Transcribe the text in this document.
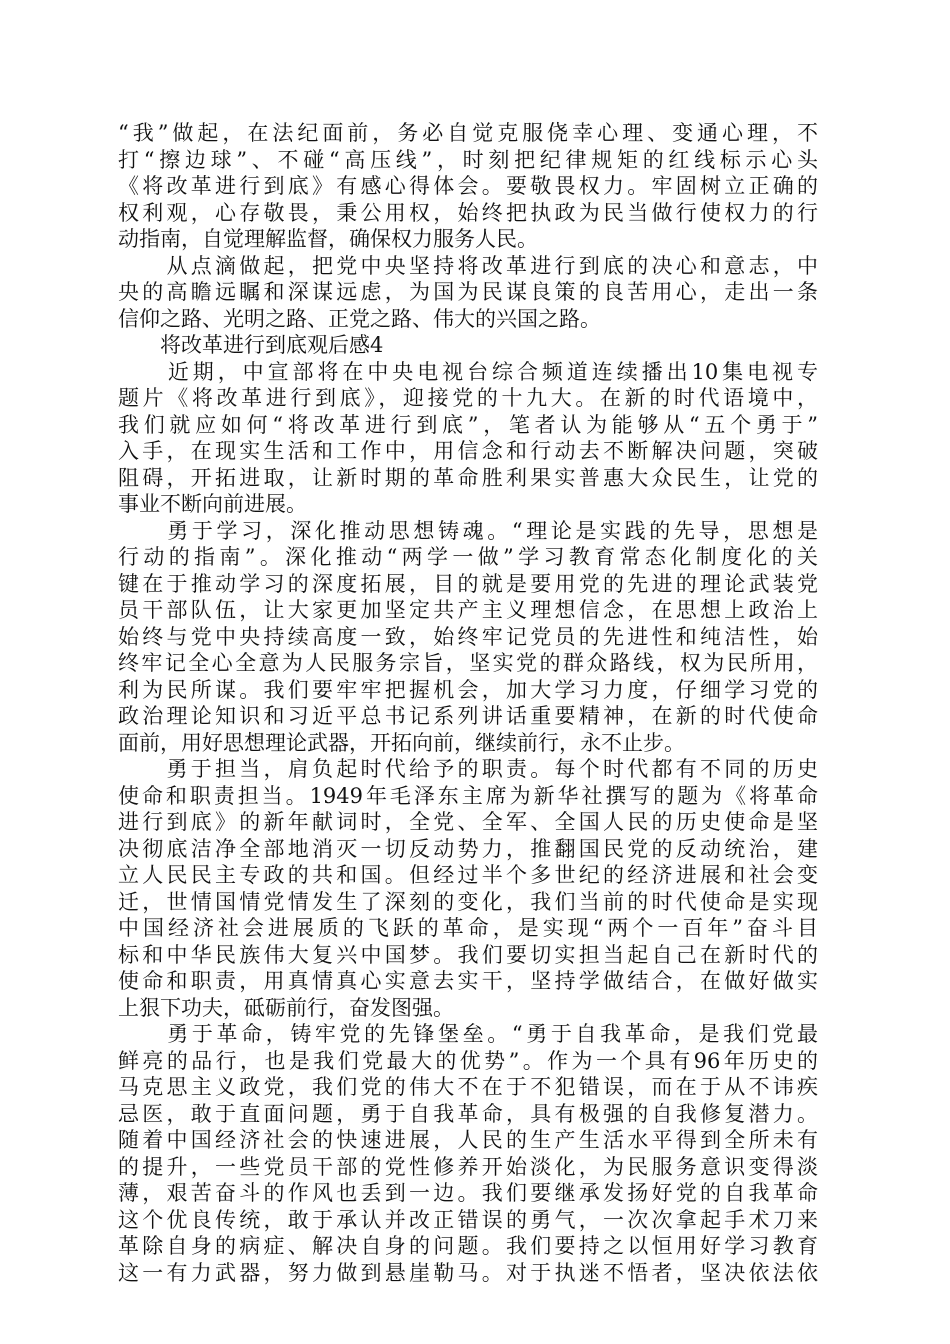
“我”做起，在法纪面前，务必自觉克服侥幸心理、变通心理，不
打“擦边球”、不碰“高压线”，时刻把纪律规矩的红线标示心头
《将改革进行到底》有感心得体会。要敬畏权力。牢固树立正确的
权利观，心存敬畏，秉公用权，始终把执政为民当做行使权力的行
动指南，自觉理解监督，确保权力服务人民。
　　从点滴做起，把党中央坚持将改革进行到底的决心和意志，中
央的高瞻远瞩和深谋远虑，为国为民谋良策的良苦用心，走出一条
信仰之路、光明之路、正党之路、伟大的兴国之路。
　　将改革进行到底观后感4
　　近期，中宣部将在中央电视台综合频道连续播出10集电视专
题片《将改革进行到底》，迎接党的十九大。在新的时代语境中，
我们就应如何“将改革进行到底”，笔者认为能够从“五个勇于”
入手，在现实生活和工作中，用信念和行动去不断解决问题，突破
阻碍，开拓进取，让新时期的革命胜利果实普惠大众民生，让党的
事业不断向前进展。
　　勇于学习，深化推动思想铸魂。“理论是实践的先导，思想是
行动的指南”。深化推动“两学一做”学习教育常态化制度化的关
键在于推动学习的深度拓展，目的就是要用党的先进的理论武装党
员干部队伍，让大家更加坚定共产主义理想信念，在思想上政治上
始终与党中央持续高度一致，始终牢记党员的先进性和纯洁性，始
终牢记全心全意为人民服务宗旨，坚实党的群众路线，权为民所用，
利为民所谋。我们要牢牢把握机会，加大学习力度，仔细学习党的
政治理论知识和习近平总书记系列讲话重要精神，在新的时代使命
面前，用好思想理论武器，开拓向前，继续前行，永不止步。
　　勇于担当，肩负起时代给予的职责。每个时代都有不同的历史
使命和职责担当。1949年毛泽东主席为新华社撰写的题为《将革命
进行到底》的新年献词时，全党、全军、全国人民的历史使命是坚
决彻底洁净全部地消灭一切反动势力，推翻国民党的反动统治，建
立人民民主专政的共和国。但经过半个多世纪的经济进展和社会变
迁，世情国情党情发生了深刻的变化，我们当前的时代使命是实现
中国经济社会进展质的飞跃的革命，是实现“两个一百年”奋斗目
标和中华民族伟大复兴中国梦。我们要切实担当起自己在新时代的
使命和职责，用真情真心实意去实干，坚持学做结合，在做好做实
上狠下功夫，砥砺前行，奋发图强。
　　勇于革命，铸牢党的先锋堡垒。“勇于自我革命，是我们党最
鲜亮的品行，也是我们党最大的优势”。作为一个具有96年历史的
马克思主义政党，我们党的伟大不在于不犯错误，而在于从不讳疾
忌医，敢于直面问题，勇于自我革命，具有极强的自我修复潜力。
随着中国经济社会的快速进展，人民的生产生活水平得到全所未有
的提升，一些党员干部的党性修养开始淡化，为民服务意识变得淡
薄，艰苦奋斗的作风也丢到一边。我们要继承发扬好党的自我革命
这个优良传统，敢于承认并改正错误的勇气，一次次拿起手术刀来
革除自身的病症、解决自身的问题。我们要持之以恒用好学习教育
这一有力武器，努力做到悬崖勒马。对于执迷不悟者，坚决依法依
